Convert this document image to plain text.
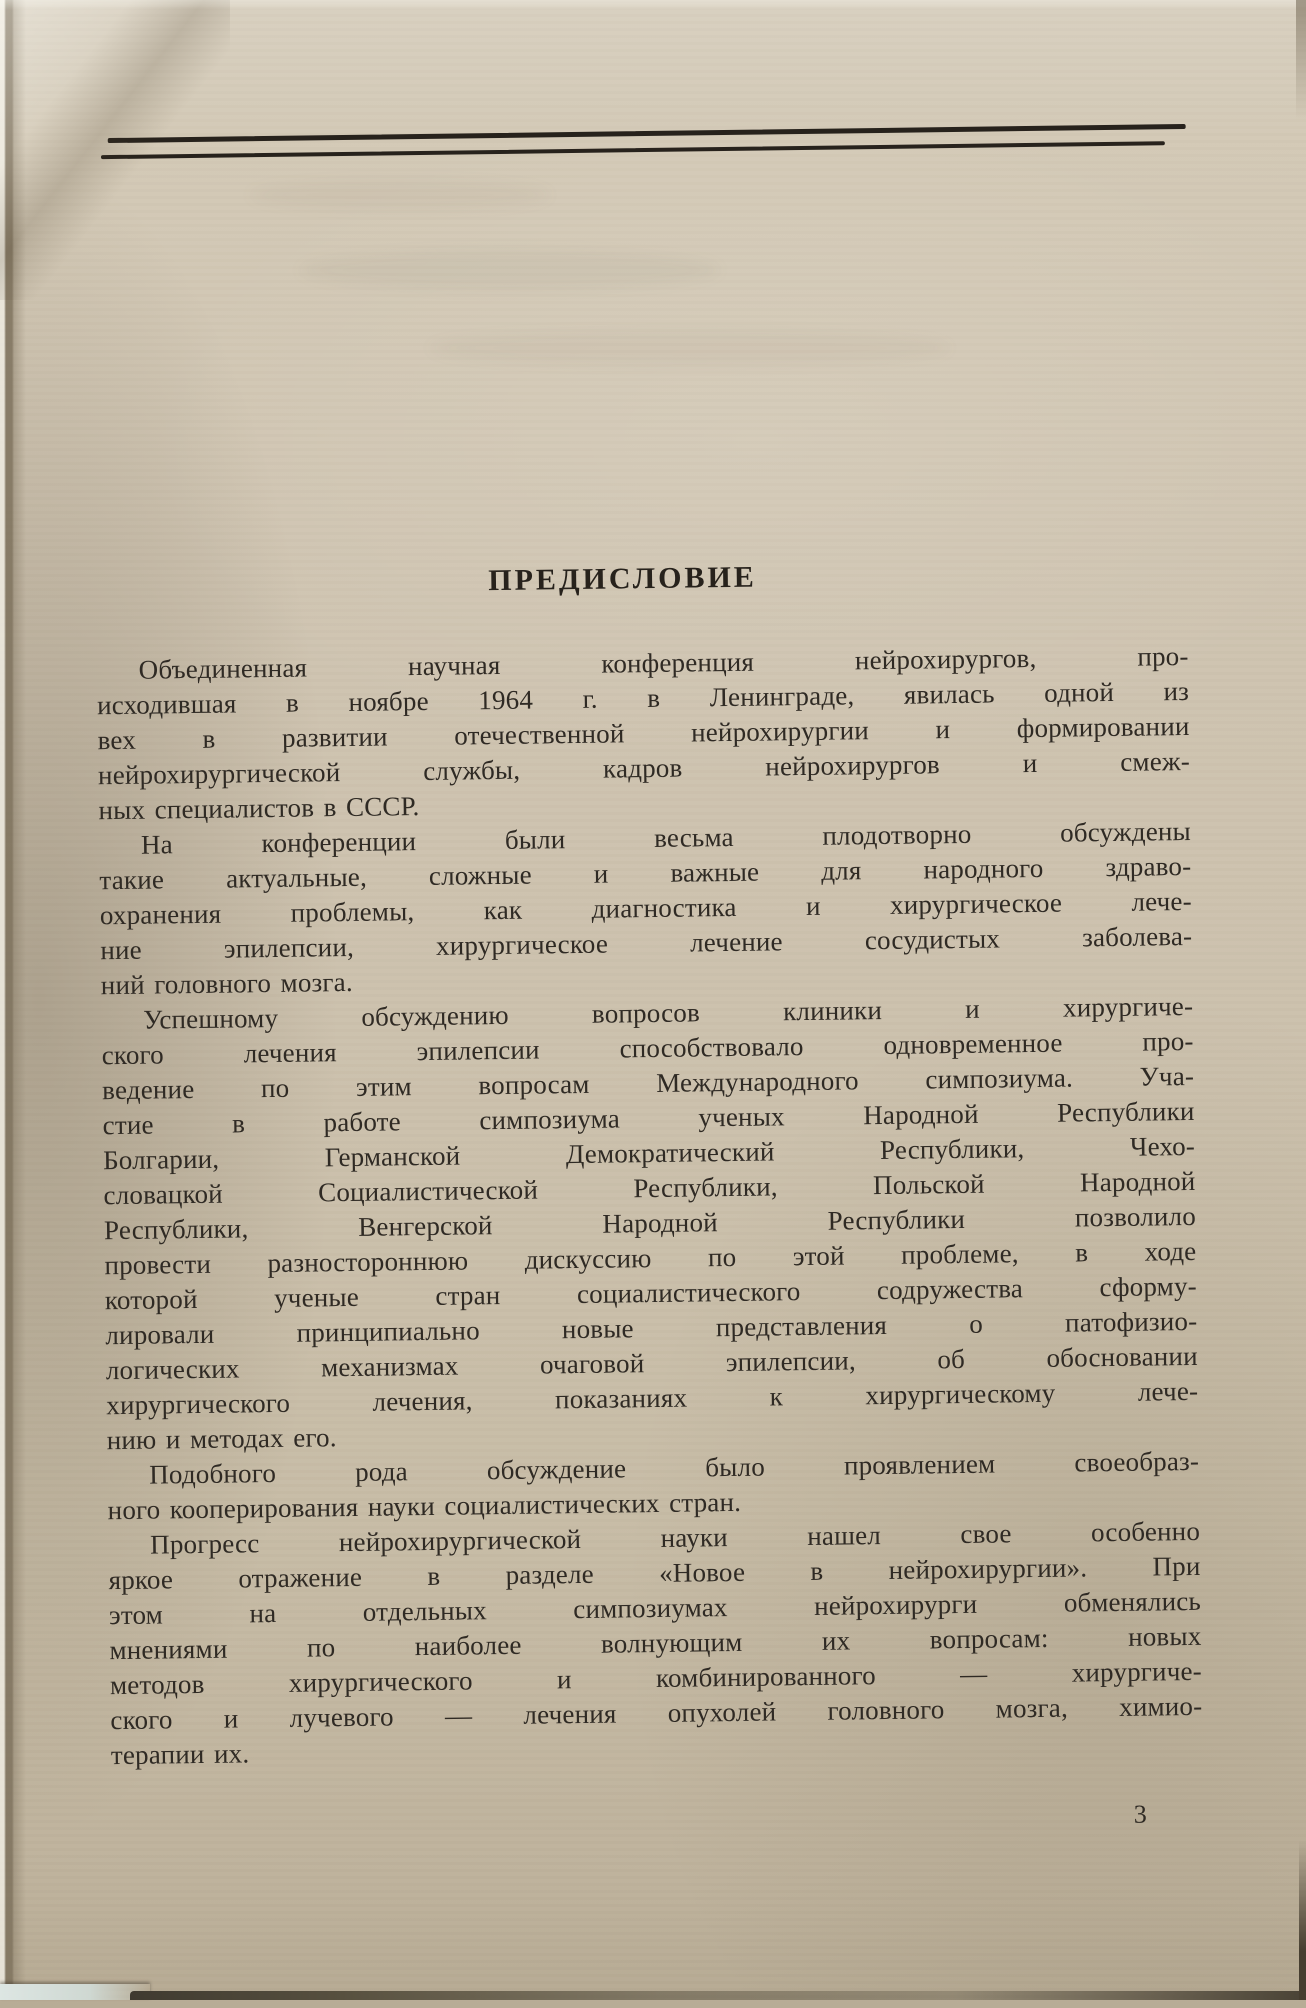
ПРЕДИСЛОВИЕ
Объединенная научная конференция нейрохирургов, про-
исходившая в ноябре 1964 г. в Ленинграде, явилась одной из
вех в развитии отечественной нейрохирургии и формировании
нейрохирургической службы, кадров нейрохирургов и смеж-
ных специалистов в СССР.
На конференции были весьма плодотворно обсуждены
такие актуальные, сложные и важные для народного здраво-
охранения проблемы, как диагностика и хирургическое лече-
ние эпилепсии, хирургическое лечение сосудистых заболева-
ний головного мозга.
Успешному обсуждению вопросов клиники и хирургиче-
ского лечения эпилепсии способствовало одновременное про-
ведение по этим вопросам Международного симпозиума. Уча-
стие в работе симпозиума ученых Народной Республики
Болгарии, Германской Демократический Республики, Чехо-
словацкой Социалистической Республики, Польской Народной
Республики, Венгерской Народной Республики позволило
провести разностороннюю дискуссию по этой проблеме, в ходе
которой ученые стран социалистического содружества сформу-
лировали принципиально новые представления о патофизио-
логических механизмах очаговой эпилепсии, об обосновании
хирургического лечения, показаниях к хирургическому лече-
нию и методах его.
Подобного рода обсуждение было проявлением своеобраз-
ного кооперирования науки социалистических стран.
Прогресс нейрохирургической науки нашел свое особенно
яркое отражение в разделе «Новое в нейрохирургии». При
этом на отдельных симпозиумах нейрохирурги обменялись
мнениями по наиболее волнующим их вопросам: новых
методов хирургического и комбинированного — хирургиче-
ского и лучевого — лечения опухолей головного мозга, химио-
терапии их.
3
